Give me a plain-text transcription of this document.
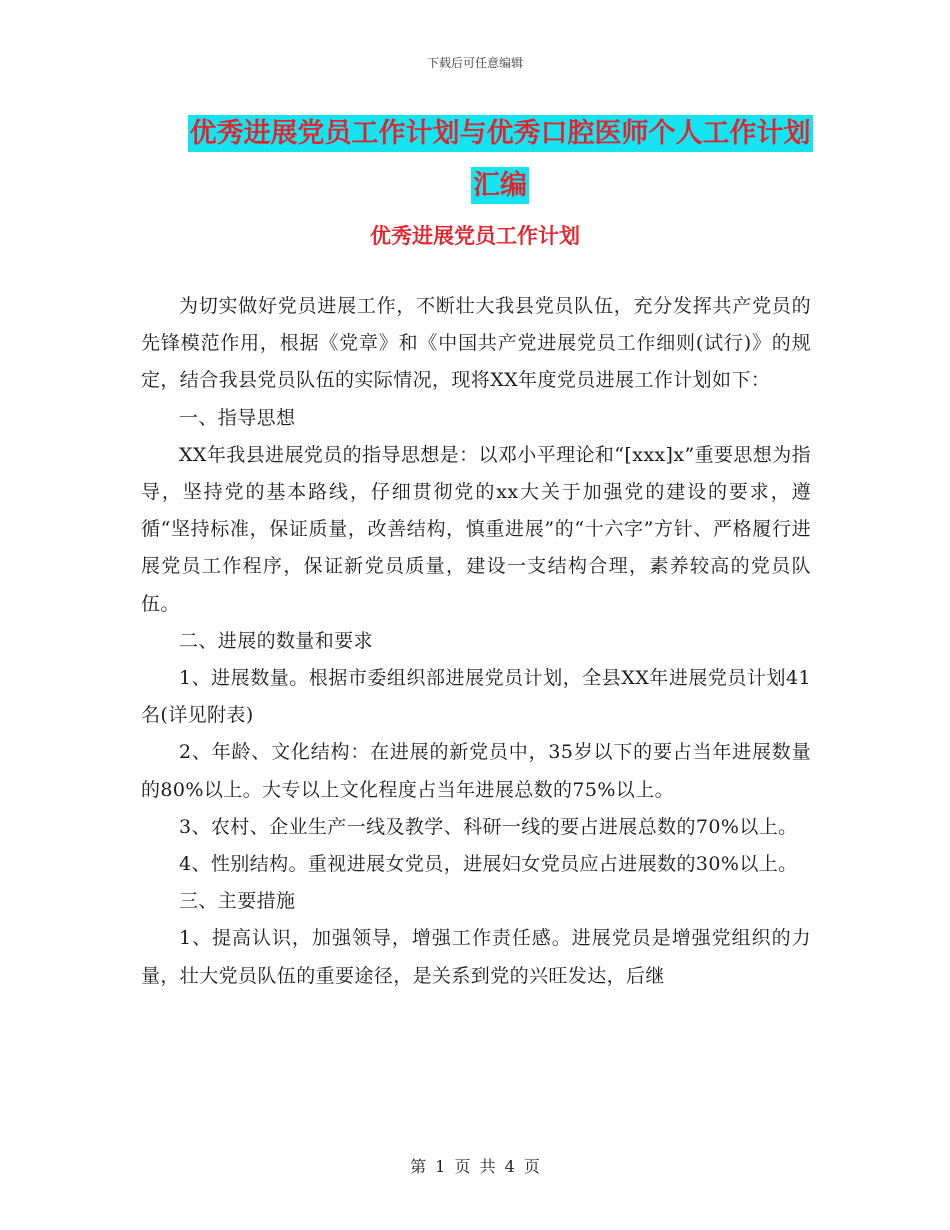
下载后可任意编辑
优秀进展党员工作计划与优秀口腔医师个人工作计划汇编
优秀进展党员工作计划

为切实做好党员进展工作，不断壮大我县党员队伍，充分发挥共产党员的先锋模范作用，根据《党章》和《中国共产党进展党员工作细则(试行)》的规定，结合我县党员队伍的实际情况，现将XX年度党员进展工作计划如下：

一、指导思想

XX年我县进展党员的指导思想是：以邓小平理论和“[xxx]x”重要思想为指导，坚持党的基本路线，仔细贯彻党的xx大关于加强党的建设的要求，遵循“坚持标准，保证质量，改善结构，慎重进展”的“十六字”方针、严格履行进展党员工作程序，保证新党员质量，建设一支结构合理，素养较高的党员队伍。

二、进展的数量和要求

1、进展数量。根据市委组织部进展党员计划，全县XX年进展党员计划41名(详见附表)

2、年龄、文化结构：在进展的新党员中，35岁以下的要占当年进展数量的80%以上。大专以上文化程度占当年进展总数的75%以上。

3、农村、企业生产一线及教学、科研一线的要占进展总数的70%以上。

4、性别结构。重视进展女党员，进展妇女党员应占进展数的30%以上。

三、主要措施

1、提高认识，加强领导，增强工作责任感。进展党员是增强党组织的力量，壮大党员队伍的重要途径，是关系到党的兴旺发达，后继

第 1 页 共 4 页
